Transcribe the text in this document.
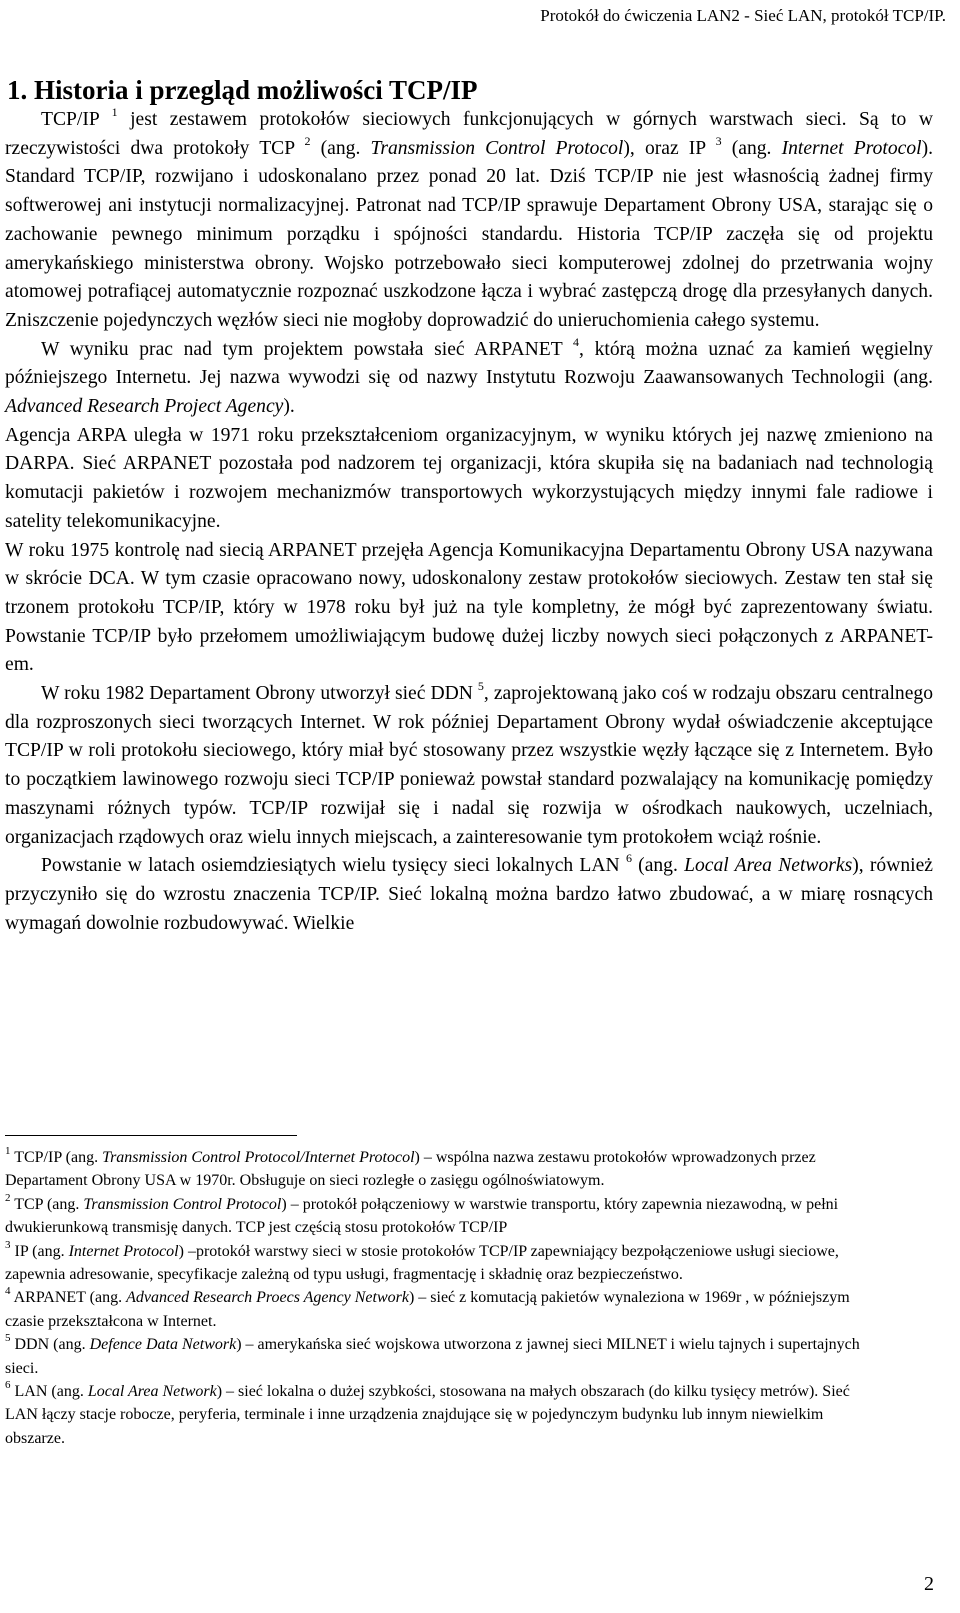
Protokół do ćwiczenia LAN2 - Sieć LAN, protokół TCP/IP.
1. Historia i przegląd możliwości TCP/IP

TCP/IP $^1$ jest zestawem protokołów sieciowych funkcjonujących w górnych warstwach sieci. Są to w rzeczywistości dwa protokoły TCP $^2$ (ang. Transmission Control Protocol), oraz IP $^3$ (ang. Internet Protocol). Standard TCP/IP, rozwijano i udoskonalano przez ponad 20 lat. Dziś TCP/IP nie jest własnością żadnej firmy softwerowej ani instytucji normalizacyjnej. Patronat nad TCP/IP sprawuje Departament Obrony USA, starając się o zachowanie pewnego minimum porządku i spójności standardu. Historia TCP/IP zaczęła się od projektu amerykańskiego ministerstwa obrony. Wojsko potrzebowało sieci komputerowej zdolnej do przetrwania wojny atomowej potrafiącej automatycznie rozpoznać uszkodzone łącza i wybrać zastępczą drogę dla przesyłanych danych. Zniszczenie pojedynczych węzłów sieci nie mogłoby doprowadzić do unieruchomienia całego systemu.

W wyniku prac nad tym projektem powstała sieć ARPANET $^4$, którą można uznać za kamień węgielny późniejszego Internetu. Jej nazwa wywodzi się od nazwy Instytutu Rozwoju Zaawansowanych Technologii (ang. Advanced Research Project Agency).

Agencja ARPA uległa w 1971 roku przekształceniom organizacyjnym, w wyniku których jej nazwę zmieniono na DARPA. Sieć ARPANET pozostała pod nadzorem tej organizacji, która skupiła się na badaniach nad technologią komutacji pakietów i rozwojem mechanizmów transportowych wykorzystujących między innymi fale radiowe i satelity telekomunikacyjne.

W roku 1975 kontrolę nad siecią ARPANET przejęła Agencja Komunikacyjna Departamentu Obrony USA nazywana w skrócie DCA. W tym czasie opracowano nowy, udoskonalony zestaw protokołów sieciowych. Zestaw ten stał się trzonem protokołu TCP/IP, który w 1978 roku był już na tyle kompletny, że mógł być zaprezentowany światu. Powstanie TCP/IP było przełomem umożliwiającym budowę dużej liczby nowych sieci połączonych z ARPANET-em.

W roku 1982 Departament Obrony utworzył sieć DDN $^5$, zaprojektowaną jako coś w rodzaju obszaru centralnego dla rozproszonych sieci tworzących Internet. W rok później Departament Obrony wydał oświadczenie akceptujące TCP/IP w roli protokołu sieciowego, który miał być stosowany przez wszystkie węzły łączące się z Internetem. Było to początkiem lawinowego rozwoju sieci TCP/IP ponieważ powstał standard pozwalający na komunikację pomiędzy maszynami różnych typów. TCP/IP rozwijał się i nadal się rozwija w ośrodkach naukowych, uczelniach, organizacjach rządowych oraz wielu innych miejscach, a zainteresowanie tym protokołem wciąż rośnie.

Powstanie w latach osiemdziesiątych wielu tysięcy sieci lokalnych LAN $^6$ (ang. Local Area Networks), również przyczyniło się do wzrostu znaczenia TCP/IP. Sieć lokalną można bardzo łatwo zbudować, a w miarę rosnących wymagań dowolnie rozbudowywać. Wielkie

$^1$ TCP/IP (ang. Transmission Control Protocol/Internet Protocol) – wspólna nazwa zestawu protokołów wprowadzonych przez Departament Obrony USA w 1970r. Obsługuje on sieci rozległe o zasięgu ogólnoświatowym.

$^2$ TCP (ang. Transmission Control Protocol) – protokół połączeniowy w warstwie transportu, który zapewnia niezawodną, w pełni dwukierunkową transmisję danych. TCP jest częścią stosu protokołów TCP/IP

$^3$ IP (ang. Internet Protocol) –protokół warstwy sieci w stosie protokołów TCP/IP zapewniający bezpołączeniowe usługi sieciowe, zapewnia adresowanie, specyfikacje zależną od typu usługi, fragmentację i składnię oraz bezpieczeństwo.

$^4$ ARPANET (ang. Advanced Research Proecs Agency Network) – sieć z komutacją pakietów wynaleziona w 1969r , w późniejszym czasie przekształcona w Internet.

$^5$ DDN (ang. Defence Data Network) – amerykańska sieć wojskowa utworzona z jawnej sieci MILNET i wielu tajnych i supertajnych sieci.

$^6$ LAN (ang. Local Area Network) – sieć lokalna o dużej szybkości, stosowana na małych obszarach (do kilku tysięcy metrów). Sieć LAN łączy stacje robocze, peryferia, terminale i inne urządzenia znajdujące się w pojedynczym budynku lub innym niewielkim obszarze.

2
